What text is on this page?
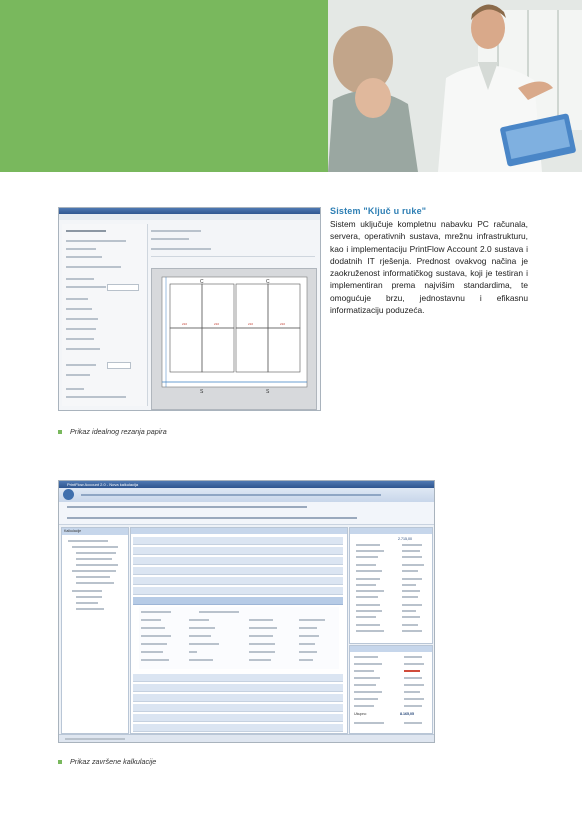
210	210	210	210
C	C
S	S
Prikaz idealnog rezanja papira
Sistem "Ključ u ruke"
Sistem uključuje kompletnu nabavku PC računala, servera, operativnih sustava, mrežnu infrastrukturu, kao i implementaciju PrintFlow Account 2.0 sustava i dodatnih IT rješenja. Prednost ovakvog načina je zaokruženost informatičkog sustava, koji je testiran i implementiran prema najvišim standardima, te omogućuje brzu, jednostavnu i efikasnu informatizaciju poduzeća.
PrintFlow Account 2.0 - Nova kalkulacija
Kalkulacije
2.715,00
Ukupno	8.165,05
Prikaz završene kalkulacije
